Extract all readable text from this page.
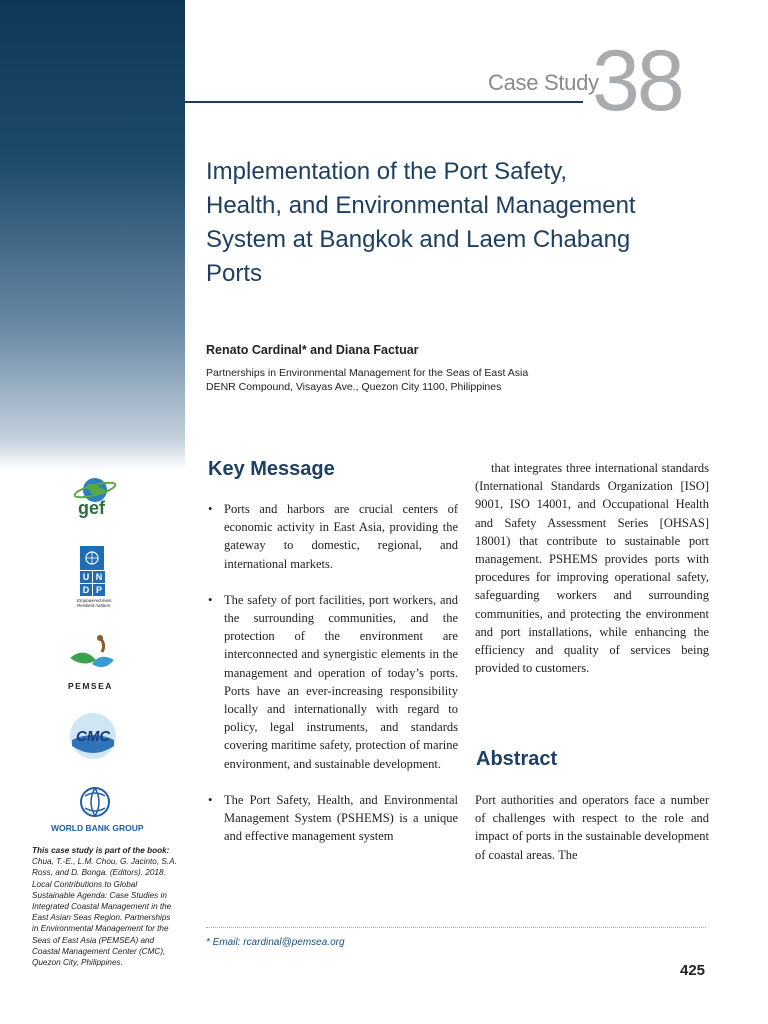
Case Study
38
Implementation of the Port Safety, Health, and Environmental Management System at Bangkok and Laem Chabang Ports
Renato Cardinal* and Diana Factuar
Partnerships in Environmental Management for the Seas of East Asia
DENR Compound, Visayas Ave., Quezon City 1100, Philippines
Key Message
• Ports and harbors are crucial centers of economic activity in East Asia, providing the gateway to domestic, regional, and international markets.
• The safety of port facilities, port workers, and the surrounding communities, and the protection of the environment are interconnected and synergistic elements in the management and operation of today’s ports. Ports have an ever-increasing responsibility locally and internationally with regard to policy, legal instruments, and standards covering maritime safety, protection of marine environment, and sustainable development.
• The Port Safety, Health, and Environmental Management System (PSHEMS) is a unique and effective management system

that integrates three international standards (International Standards Organization [ISO] 9001, ISO 14001, and Occupational Health and Safety Assessment Series [OHSAS] 18001) that contribute to sustainable port management. PSHEMS provides ports with procedures for improving operational safety, safeguarding workers and surrounding communities, and protecting the environment and port installations, while enhancing the efficiency and quality of services being provided to customers.

Abstract

Port authorities and operators face a number of challenges with respect to the role and impact of ports in the sustainable development of coastal areas. The

* Email: rcardinal@pemsea.org
425
gef
U N
D P
Empowered lives.
Resilient nations.
PEMSEA
CMC
WORLD BANK GROUP
This case study is part of the book:
Chua, T.-E., L.M. Chou, G. Jacinto, S.A. Ross, and D. Bonga. (Editors). 2018. Local Contributions to Global Sustainable Agenda: Case Studies in Integrated Coastal Management in the East Asian Seas Region. Partnerships in Environmental Management for the Seas of East Asia (PEMSEA) and Coastal Management Center (CMC), Quezon City, Philippines.
